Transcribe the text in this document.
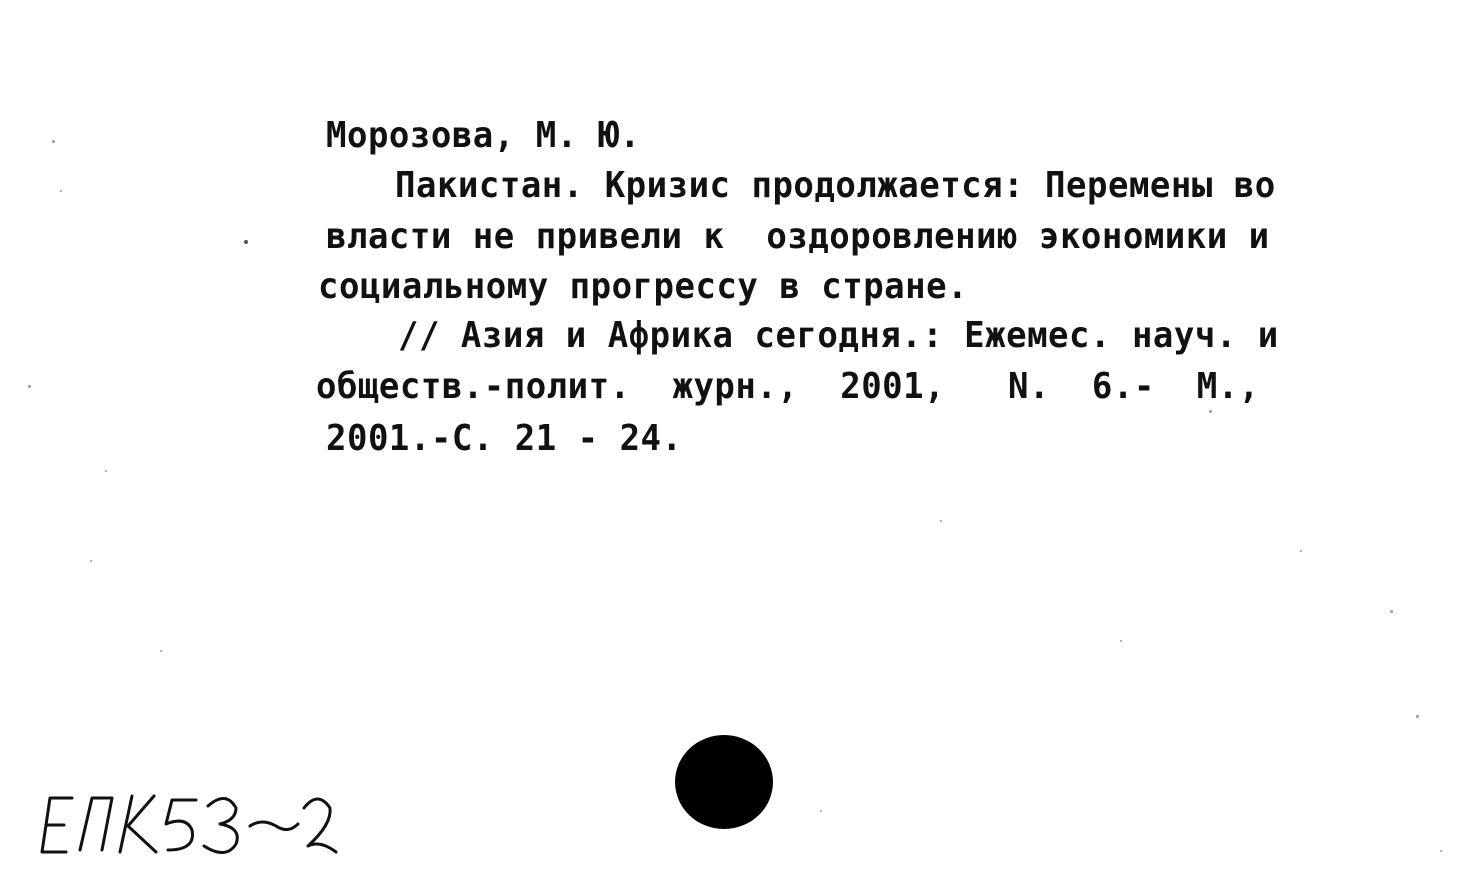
Морозова, М. Ю.
Пакистан. Кризис продолжается: Перемены во
власти не привели к  оздоровлению экономики и
социальному прогрессу в стране.
// Азия и Африка сегодня.: Ежемес. науч. и
обществ.-полит.  журн.,  2001,   N.  6.-  М.,
2001.-С. 21 - 24.
